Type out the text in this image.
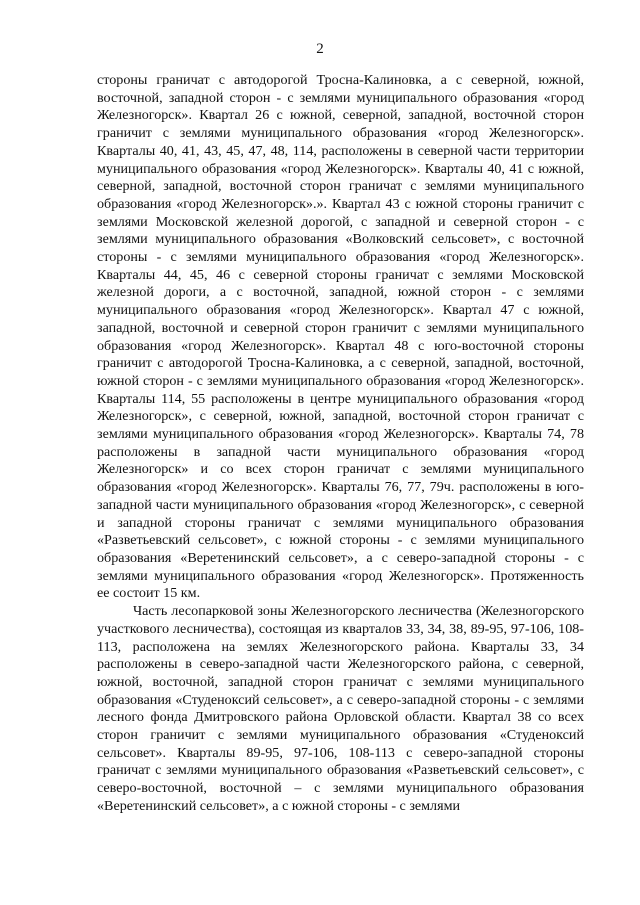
2

стороны граничат с автодорогой Тросна-Калиновка, а с северной, южной, восточной, западной сторон - с землями муниципального образования «город Железногорск». Квартал 26 с южной, северной, западной, восточной сторон граничит с землями муниципального образования «город Железногорск». Кварталы 40, 41, 43, 45, 47, 48, 114, расположены в северной части территории муниципального образования «город Железногорск». Кварталы 40, 41 с южной, северной, западной, восточной сторон граничат с землями муниципального образования «город Железногорск».». Квартал 43 с южной стороны граничит с землями Московской железной дорогой, с западной и северной сторон - с землями муниципального образования «Волковский сельсовет», с восточной стороны - с землями муниципального образования «город Железногорск». Кварталы 44, 45, 46 с северной стороны граничат с землями Московской железной дороги, а с восточной, западной, южной сторон - с землями муниципального образования «город Железногорск». Квартал 47 с южной, западной, восточной и северной сторон граничит с землями муниципального образования «город Железногорск». Квартал 48 с юго-восточной стороны граничит с автодорогой Тросна-Калиновка, а с северной, западной, восточной, южной сторон - с землями муниципального образования «город Железногорск». Кварталы 114, 55 расположены в центре муниципального образования «город Железногорск», с северной, южной, западной, восточной сторон граничат с землями муниципального образования «город Железногорск». Кварталы 74, 78 расположены в западной части муниципального образования «город Железногорск» и со всех сторон граничат с землями муниципального образования «город Железногорск». Кварталы 76, 77, 79ч. расположены в юго-западной части муниципального образования «город Железногорск», с северной и западной стороны граничат с землями муниципального образования «Разветьевский сельсовет», с южной стороны - с землями муниципального образования «Веретенинский сельсовет», а с северо-западной стороны - с землями муниципального образования «город Железногорск». Протяженность ее состоит 15 км.

Часть лесопарковой зоны Железногорского лесничества (Железногорского участкового лесничества), состоящая из кварталов 33, 34, 38, 89-95, 97-106, 108-113, расположена на землях Железногорского района. Кварталы 33, 34 расположены в северо-западной части Железногорского района, с северной, южной, восточной, западной сторон граничат с землями муниципального образования «Студеноксий сельсовет», а с северо-западной стороны - с землями лесного фонда Дмитровского района Орловской области. Квартал 38 со всех сторон граничит с землями муниципального образования «Студеноксий сельсовет». Кварталы 89-95, 97-106, 108-113 с северо-западной стороны граничат с землями муниципального образования «Разветьевский сельсовет», с северо-восточной, восточной – с землями муниципального образования «Веретенинский сельсовет», а с южной стороны - с землями
